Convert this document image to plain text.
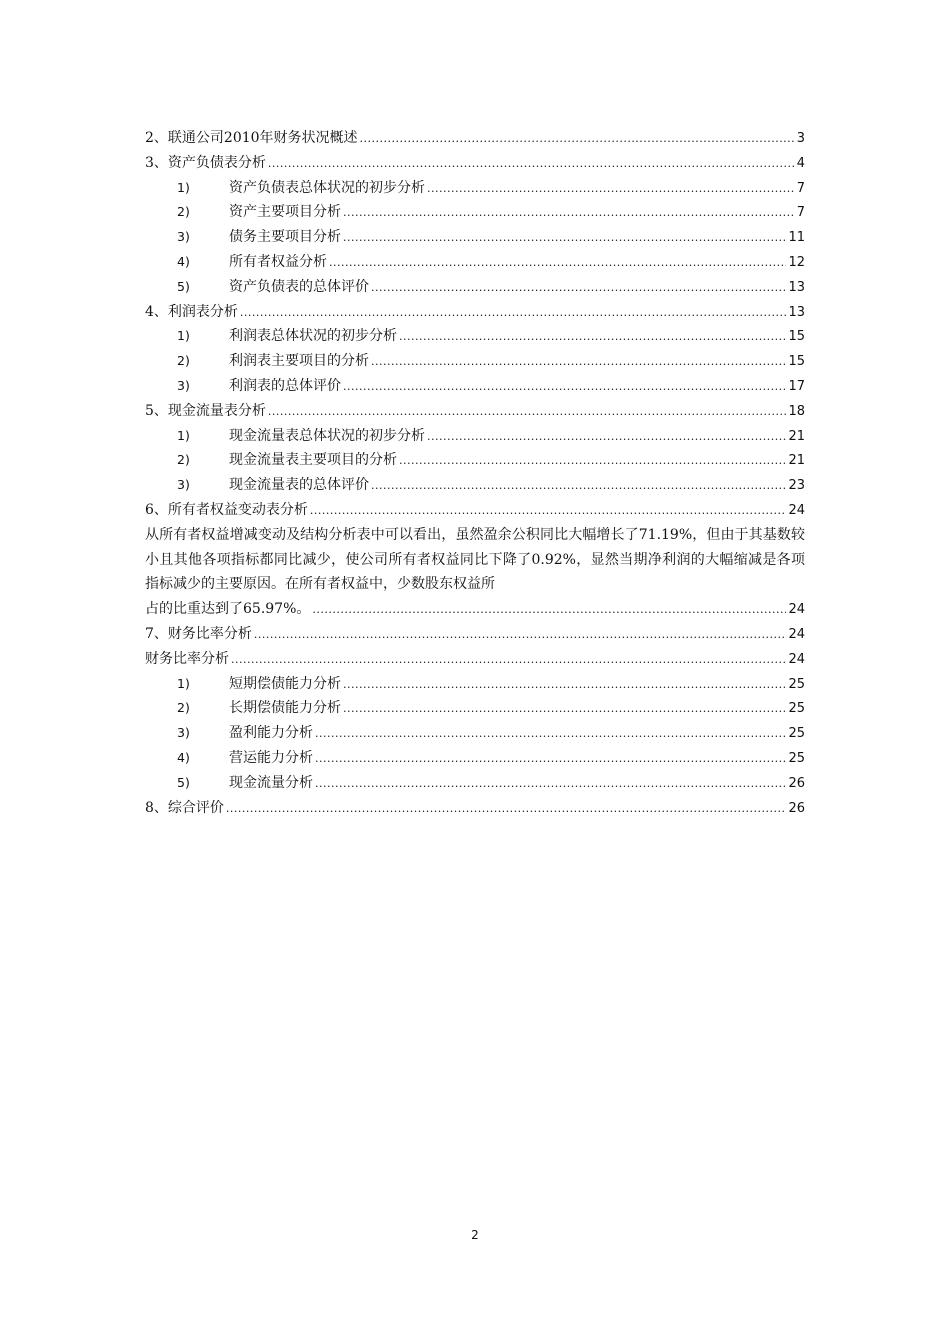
2、联通公司2010年财务状况概述 .....	3
3、资产负债表分析 .....	4
1)	资产负债表总体状况的初步分析 .....	7
2)	资产主要项目分析 .....	7
3)	债务主要项目分析 .....	11
4)	所有者权益分析 .....	12
5)	资产负债表的总体评价 .....	13
4、利润表分析 .....	13
1)	利润表总体状况的初步分析 .....	15
2)	利润表主要项目的分析 .....	15
3)	利润表的总体评价 .....	17
5、现金流量表分析 .....	18
1)	现金流量表总体状况的初步分析 .....	21
2)	现金流量表主要项目的分析 .....	21
3)	现金流量表的总体评价 .....	23
6、所有者权益变动表分析 .....	24
从所有者权益增减变动及结构分析表中可以看出，虽然盈余公积同比大幅增长了71.19%，但由于其基数较小且其他各项指标都同比减少，使公司所有者权益同比下降了0.92%，显然当期净利润的大幅缩减是各项指标减少的主要原因。在所有者权益中，少数股东权益所
占的比重达到了65.97%。 .....	24
7、财务比率分析 .....	24
财务比率分析 .....	24
1)	短期偿债能力分析 .....	25
2)	长期偿债能力分析 .....	25
3)	盈利能力分析 .....	25
4)	营运能力分析 .....	25
5)	现金流量分析 .....	26
8、综合评价 .....	26
2
